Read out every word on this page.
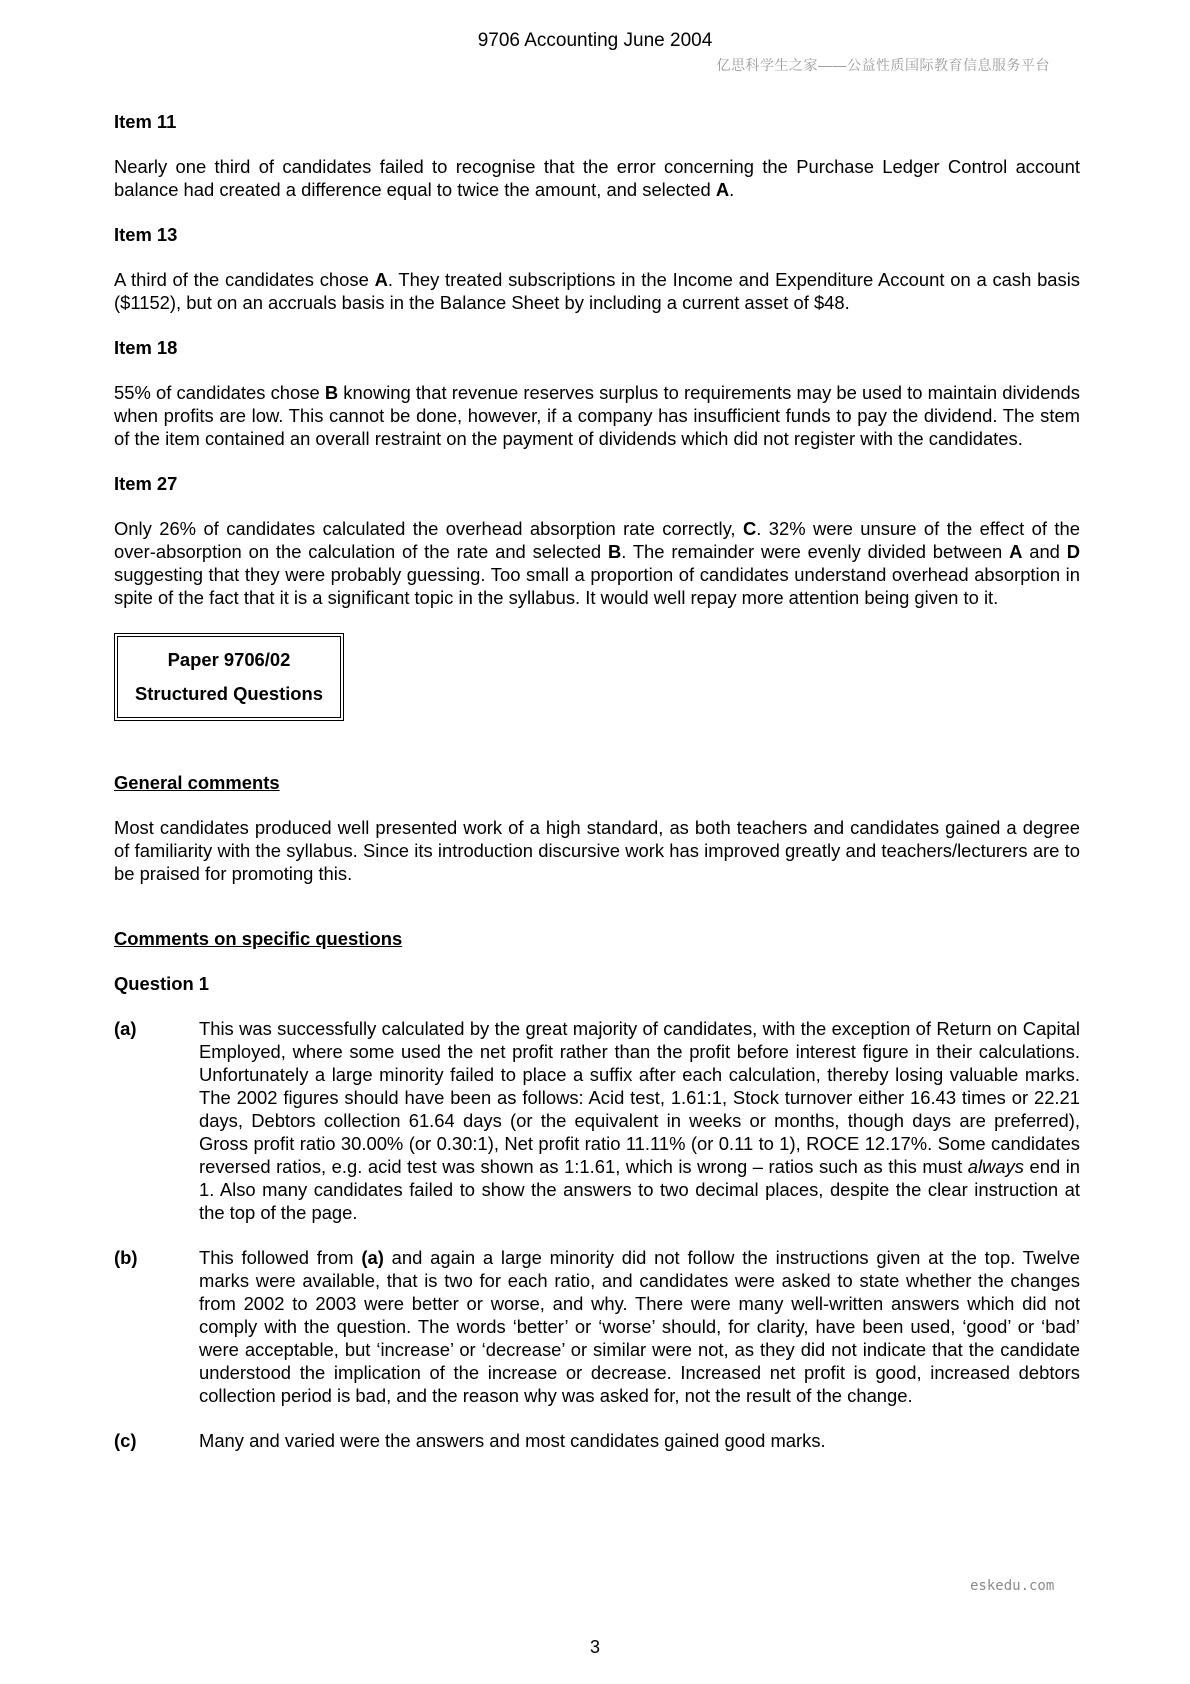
9706 Accounting June 2004
亿思科学生之家——公益性质国际教育信息服务平台
Item 11

Nearly one third of candidates failed to recognise that the error concerning the Purchase Ledger Control account balance had created a difference equal to twice the amount, and selected A.

Item 13

A third of the candidates chose A. They treated subscriptions in the Income and Expenditure Account on a cash basis ($1152), but on an accruals basis in the Balance Sheet by including a current asset of $48.

Item 18

55% of candidates chose B knowing that revenue reserves surplus to requirements may be used to maintain dividends when profits are low. This cannot be done, however, if a company has insufficient funds to pay the dividend. The stem of the item contained an overall restraint on the payment of dividends which did not register with the candidates.

Item 27

Only 26% of candidates calculated the overhead absorption rate correctly, C. 32% were unsure of the effect of the over-absorption on the calculation of the rate and selected B. The remainder were evenly divided between A and D suggesting that they were probably guessing. Too small a proportion of candidates understand overhead absorption in spite of the fact that it is a significant topic in the syllabus. It would well repay more attention being given to it.

Paper 9706/02
Structured Questions
General comments

Most candidates produced well presented work of a high standard, as both teachers and candidates gained a degree of familiarity with the syllabus. Since its introduction discursive work has improved greatly and teachers/lecturers are to be praised for promoting this.

Comments on specific questions
Question 1
(a)	This was successfully calculated by the great majority of candidates, with the exception of Return on Capital Employed, where some used the net profit rather than the profit before interest figure in their calculations. Unfortunately a large minority failed to place a suffix after each calculation, thereby losing valuable marks. The 2002 figures should have been as follows: Acid test, 1.61:1, Stock turnover either 16.43 times or 22.21 days, Debtors collection 61.64 days (or the equivalent in weeks or months, though days are preferred), Gross profit ratio 30.00% (or 0.30:1), Net profit ratio 11.11% (or 0.11 to 1), ROCE 12.17%. Some candidates reversed ratios, e.g. acid test was shown as 1:1.61, which is wrong – ratios such as this must always end in 1. Also many candidates failed to show the answers to two decimal places, despite the clear instruction at the top of the page.
(b)	This followed from (a) and again a large minority did not follow the instructions given at the top. Twelve marks were available, that is two for each ratio, and candidates were asked to state whether the changes from 2002 to 2003 were better or worse, and why. There were many well-written answers which did not comply with the question. The words ‘better’ or ‘worse’ should, for clarity, have been used, ‘good’ or ‘bad’ were acceptable, but ‘increase’ or ‘decrease’ or similar were not, as they did not indicate that the candidate understood the implication of the increase or decrease. Increased net profit is good, increased debtors collection period is bad, and the reason why was asked for, not the result of the change.
(c)	Many and varied were the answers and most candidates gained good marks.
eskedu.com
3
